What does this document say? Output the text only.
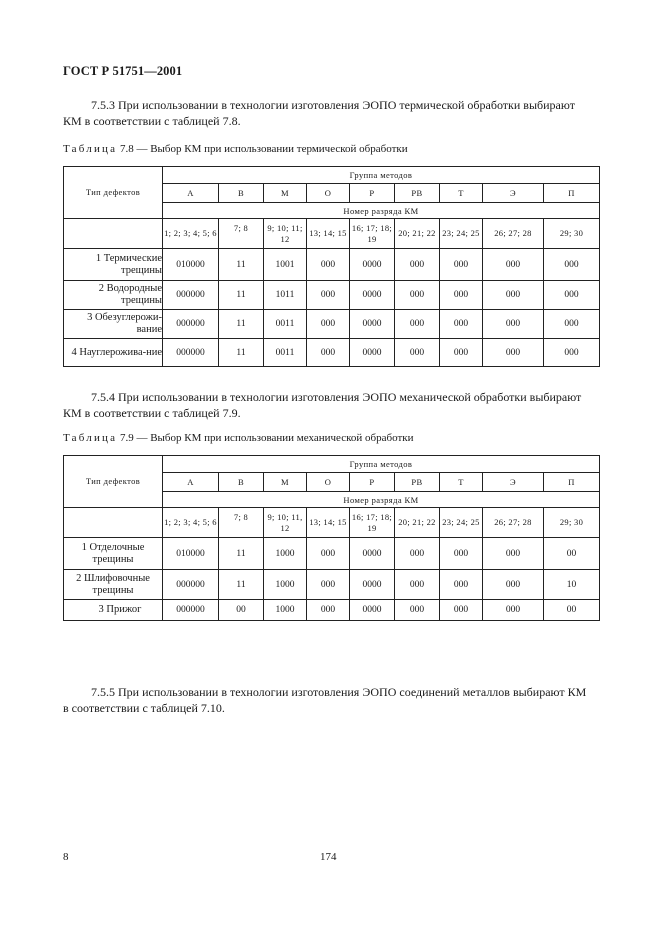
ГОСТ Р 51751—2001

7.5.3 При использовании в технологии изготовления ЭОПО термической обработки выбирают

КМ в соответствии с таблицей 7.8.

Таблица 7.8 — Выбор КМ при использовании термической обработки
Тип дефектов	Группа методов								
	А	В	М	О	Р	РВ	Т	Э	П
	Номер разряда КМ								
	1; 2; 3; 4; 5; 6	7; 8	9; 10; 11; 12	13; 14; 15	16; 17; 18; 19	20; 21; 22	23; 24; 25	26; 27; 28	29; 30
1 Термические трещины	010000	11	1001	000	0000	000	000	000	000
2 Водородные трещины	000000	11	1011	000	0000	000	000	000	000
3 Обезуглерожи-вание	000000	11	0011	000	0000	000	000	000	000
4 Науглерожива-ние	000000	11	0011	000	0000	000	000	000	000

7.5.4 При использовании в технологии изготовления ЭОПО механической обработки выбирают

КМ в соответствии с таблицей 7.9.

Таблица 7.9 — Выбор КМ при использовании механической обработки
Тип дефектов	Группа методов								
	А	В	М	О	Р	РВ	Т	Э	П
	Номер разряда КМ								
	1; 2; 3; 4; 5; 6	7; 8	9; 10; 11, 12	13; 14; 15	16; 17; 18; 19	20; 21; 22	23; 24; 25	26; 27; 28	29; 30
1 Отделочные трещины	010000	11	1000	000	0000	000	000	000	00
2 Шлифовочные трещины	000000	11	1000	000	0000	000	000	000	10
3 Прижог	000000	00	1000	000	0000	000	000	000	00

7.5.5 При использовании в технологии изготовления ЭОПО соединений металлов выбирают КМ

в соответствии с таблицей 7.10.

8	174
